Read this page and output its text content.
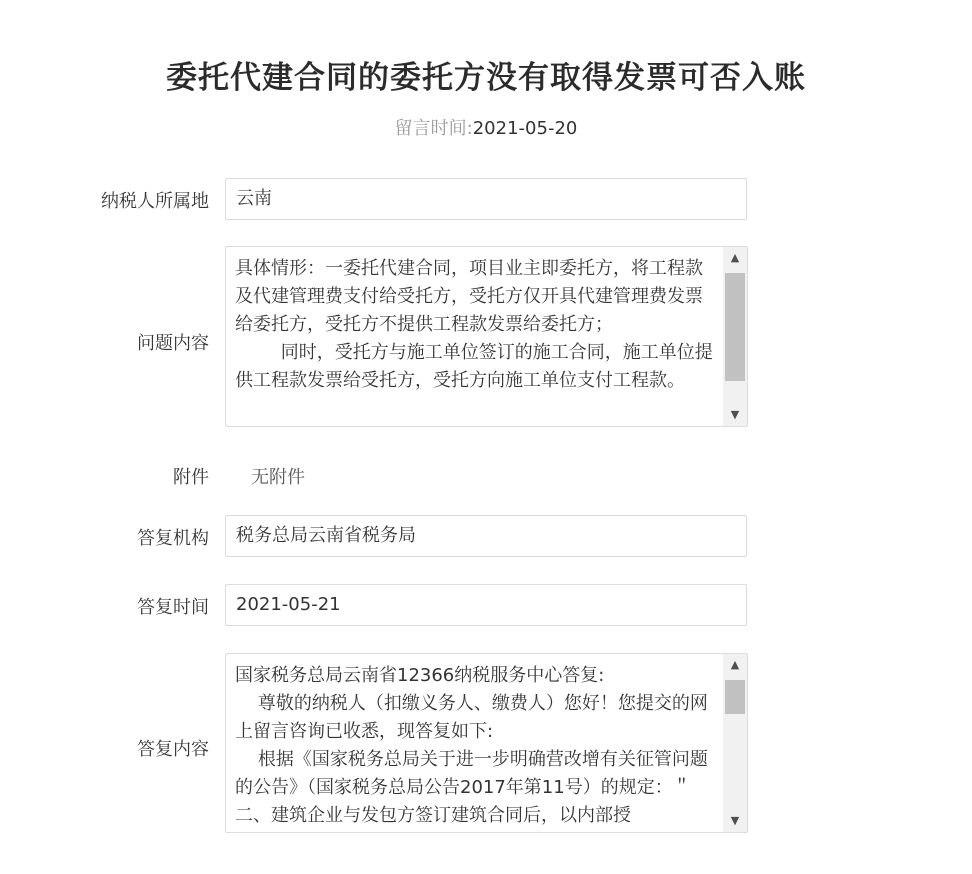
委托代建合同的委托方没有取得发票可否入账
留言时间:2021-05-20
纳税人所属地	云南
问题内容

具体情形：一委托代建合同，项目业主即委托方，将工程款及代建管理费支付给受托方，受托方仅开具代建管理费发票给委托方，受托方不提供工程款发票给委托方；

同时，受托方与施工单位签订的施工合同，施工单位提供工程款发票给受托方，受托方向施工单位支付工程款。

▲
▼
附件 无附件
答复机构	税务总局云南省税务局
答复时间	2021-05-21
答复内容

国家税务总局云南省12366纳税服务中心答复:

尊敬的纳税人（扣缴义务人、缴费人）您好！您提交的网上留言咨询已收悉，现答复如下:

根据《国家税务总局关于进一步明确营改增有关征管问题的公告》（国家税务总局公告2017年第11号）的规定：＂二、建筑企业与发包方签订建筑合同后，以内部授

▲
▼
